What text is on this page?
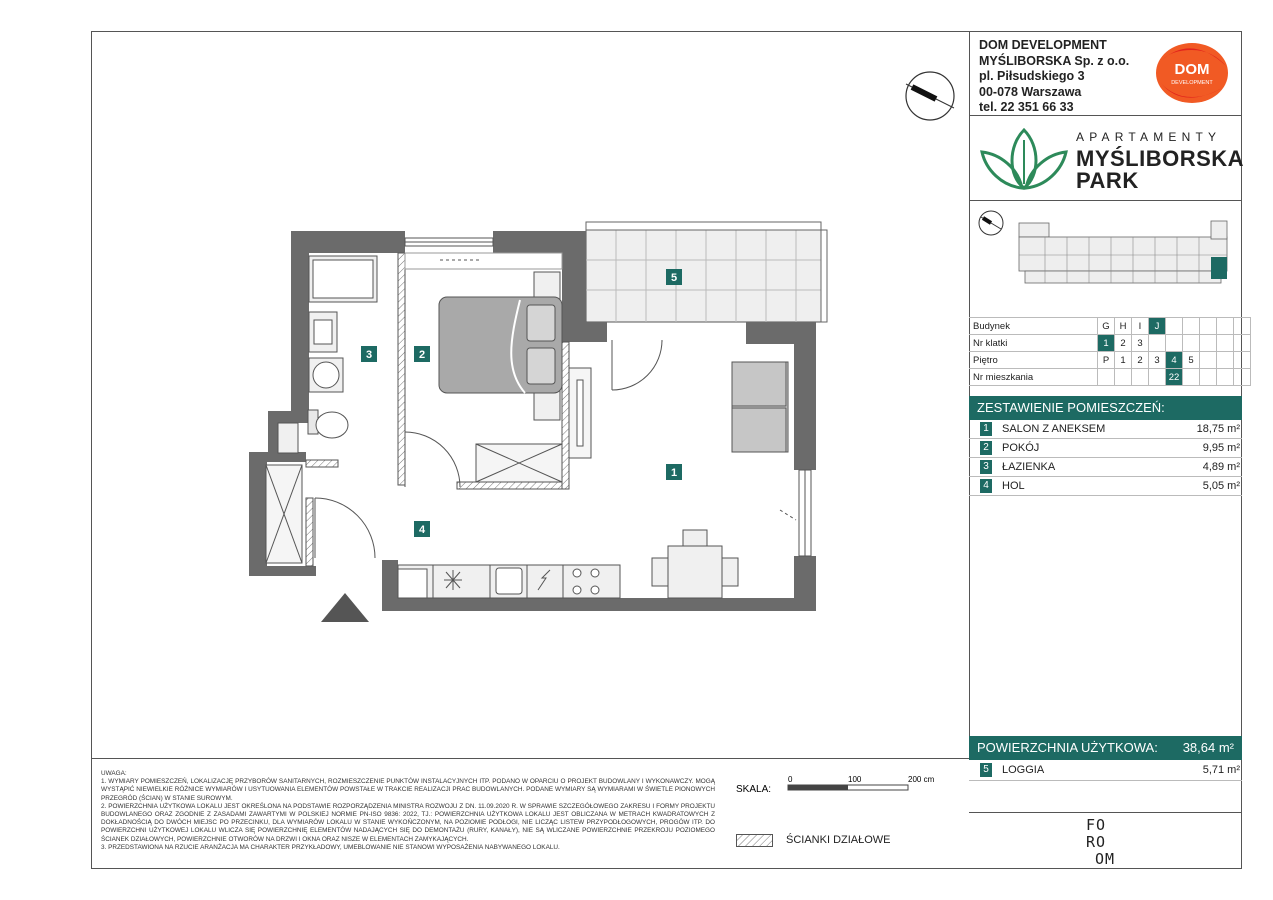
1
2
3
4
5
DOM DEVELOPMENT
MYŚLIBORSKA Sp. z o.o.
pl. Piłsudskiego 3
00-078 Warszawa
tel. 22 351 66 33
DOM
DEVELOPMENT
APARTAMENTY
MYŚLIBORSKA
PARK
Budynek	G	H	I	J					
Nr klatki	1	2	3						
Piętro	P	1	2	3	4	5			
Nr mieszkania					22				
ZESTAWIENIE POMIESZCZEŃ:
1 SALON Z ANEKSEM	18,75 m²
2 POKÓJ	9,95 m²
3 ŁAZIENKA	4,89 m²
4 HOL	5,05 m²
POWIERZCHNIA UŻYTKOWA: 38,64 m²
5 LOGGIA	5,71 m²

UWAGA:

1. WYMIARY POMIESZCZEŃ, LOKALIZACJĘ PRZYBORÓW SANITARNYCH, ROZMIESZCZENIE PUNKTÓW INSTALACYJNYCH ITP. PODANO W OPARCIU O PROJEKT BUDOWLANY I WYKONAWCZY. MOGĄ WYSTĄPIĆ NIEWIELKIE RÓŻNICE WYMIARÓW I USYTUOWANIA ELEMENTÓW POWSTAŁE W TRAKCIE REALIZACJI PRAC BUDOWLANYCH. PODANE WYMIARY SĄ WYMIARAMI W ŚWIETLE PIONOWYCH PRZEGRÓD (ŚCIAN) W STANIE SUROWYM.

2. POWIERZCHNIA UŻYTKOWA LOKALU JEST OKREŚLONA NA PODSTAWIE ROZPORZĄDZENIA MINISTRA ROZWOJU Z DN. 11.09.2020 R. W SPRAWIE SZCZEGÓŁOWEGO ZAKRESU I FORMY PROJEKTU BUDOWLANEGO ORAZ ZGODNIE Z ZASADAMI ZAWARTYMI W POLSKIEJ NORMIE PN-ISO 9836: 2022, TJ.: POWIERZCHNIA UŻYTKOWA LOKALU JEST OBLICZANA W METRACH KWADRATOWYCH Z DOKŁADNOŚCIĄ DO DWÓCH MIEJSC PO PRZECINKU, DLA WYMIARÓW LOKALU W STANIE WYKOŃCZONYM, NA POZIOMIE PODŁOGI, NIE LICZĄC LISTEW PRZYPODŁOGOWYCH, PROGÓW ITP. DO POWIERZCHNI UŻYTKOWEJ LOKALU WLICZA SIĘ POWIERZCHNIĘ ELEMENTÓW NADAJĄCYCH SIĘ DO DEMONTAŻU (RURY, KANAŁY), NIE SĄ WLICZANE POWIERZCHNIE PRZEKROJU POZIOMEGO ŚCIANEK DZIAŁOWYCH, POWIERZCHNIE OTWORÓW NA DRZWI I OKNA ORAZ NISZE W ELEMENTACH ZAMYKAJĄCYCH.

3. PRZEDSTAWIONA NA RZUCIE ARANŻACJA MA CHARAKTER PRZYKŁADOWY, UMEBLOWANIE NIE STANOWI WYPOSAŻENIA NABYWANEGO LOKALU.

SKALA:
0	100	200 cm
ŚCIANKI DZIAŁOWE
FO
RO
OM
